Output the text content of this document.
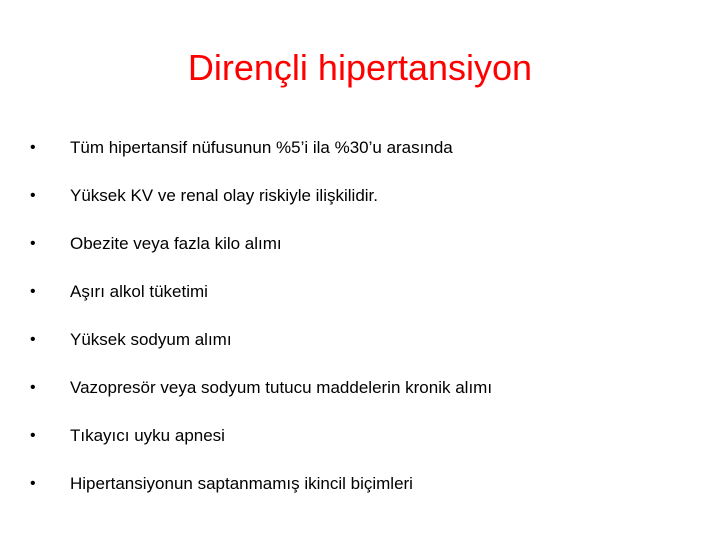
Dirençli hipertansiyon
•	Tüm hipertansif nüfusunun %5’i ila %30’u arasında
•	Yüksek KV ve renal olay riskiyle ilişkilidir.
•	Obezite veya fazla kilo alımı
•	Aşırı alkol tüketimi
•	Yüksek sodyum alımı
•	Vazopresör veya sodyum tutucu maddelerin kronik alımı
•	Tıkayıcı uyku apnesi
•	Hipertansiyonun saptanmamış ikincil biçimleri
